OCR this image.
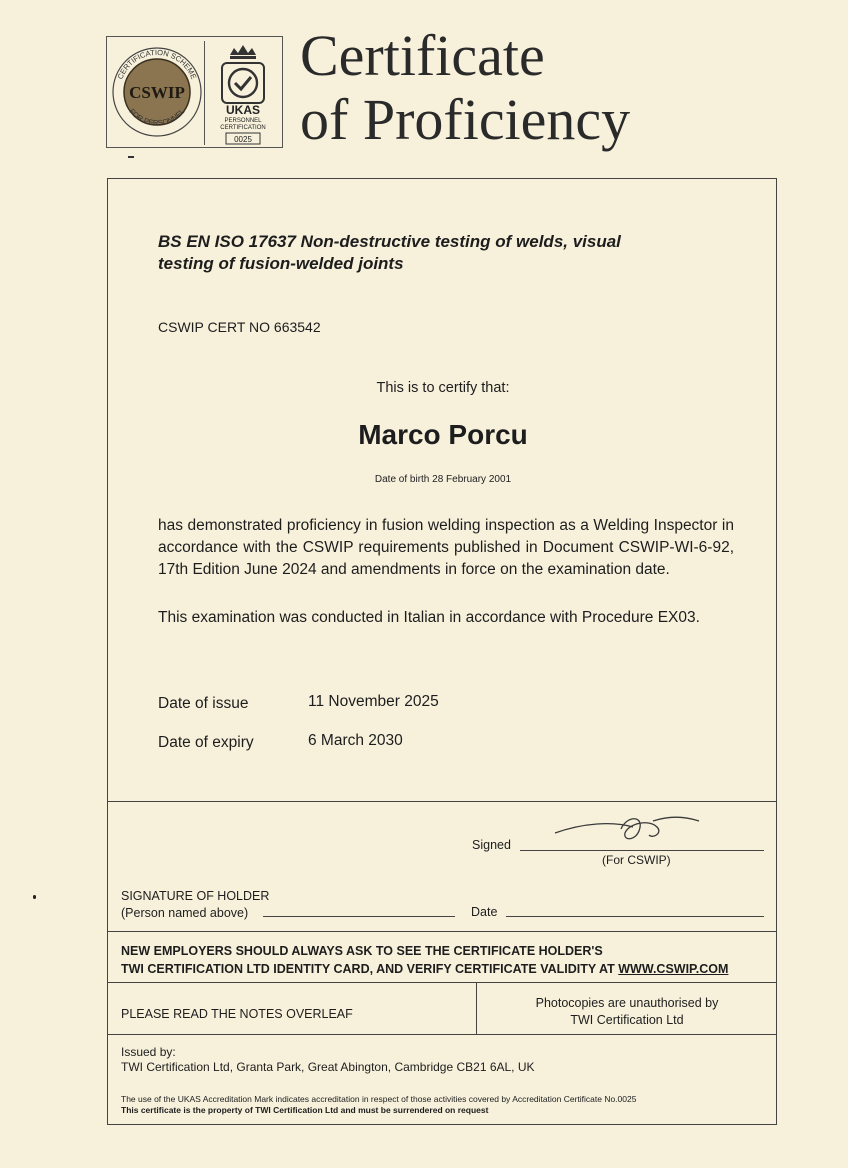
CERTIFICATION SCHEME
FOR PERSONNEL
CSWIP
UKAS
PERSONNEL
CERTIFICATION
0025
Certificate
of Proficiency
BS EN ISO 17637 Non-destructive testing of welds, visual
testing of fusion-welded joints
CSWIP CERT NO 663542
This is to certify that:
Marco Porcu
Date of birth 28 February 2001
has demonstrated proficiency in fusion welding inspection as a Welding Inspector in accordance with the CSWIP requirements published in Document CSWIP-WI-6-92, 17th Edition June 2024 and amendments in force on the examination date.
This examination was conducted in Italian in accordance with Procedure EX03.
Date of issue	11 November 2025
Date of expiry	6 March 2030
Signed
(For CSWIP)
SIGNATURE OF HOLDER
(Person named above)	Date
NEW EMPLOYERS SHOULD ALWAYS ASK TO SEE THE CERTIFICATE HOLDER'S
TWI CERTIFICATION LTD IDENTITY CARD, AND VERIFY CERTIFICATE VALIDITY AT WWW.CSWIP.COM
PLEASE READ THE NOTES OVERLEAF
Photocopies are unauthorised by
TWI Certification Ltd
Issued by:
TWI Certification Ltd, Granta Park, Great Abington, Cambridge CB21 6AL, UK
The use of the UKAS Accreditation Mark indicates accreditation in respect of those activities covered by Accreditation Certificate No.0025
This certificate is the property of TWI Certification Ltd and must be surrendered on request
